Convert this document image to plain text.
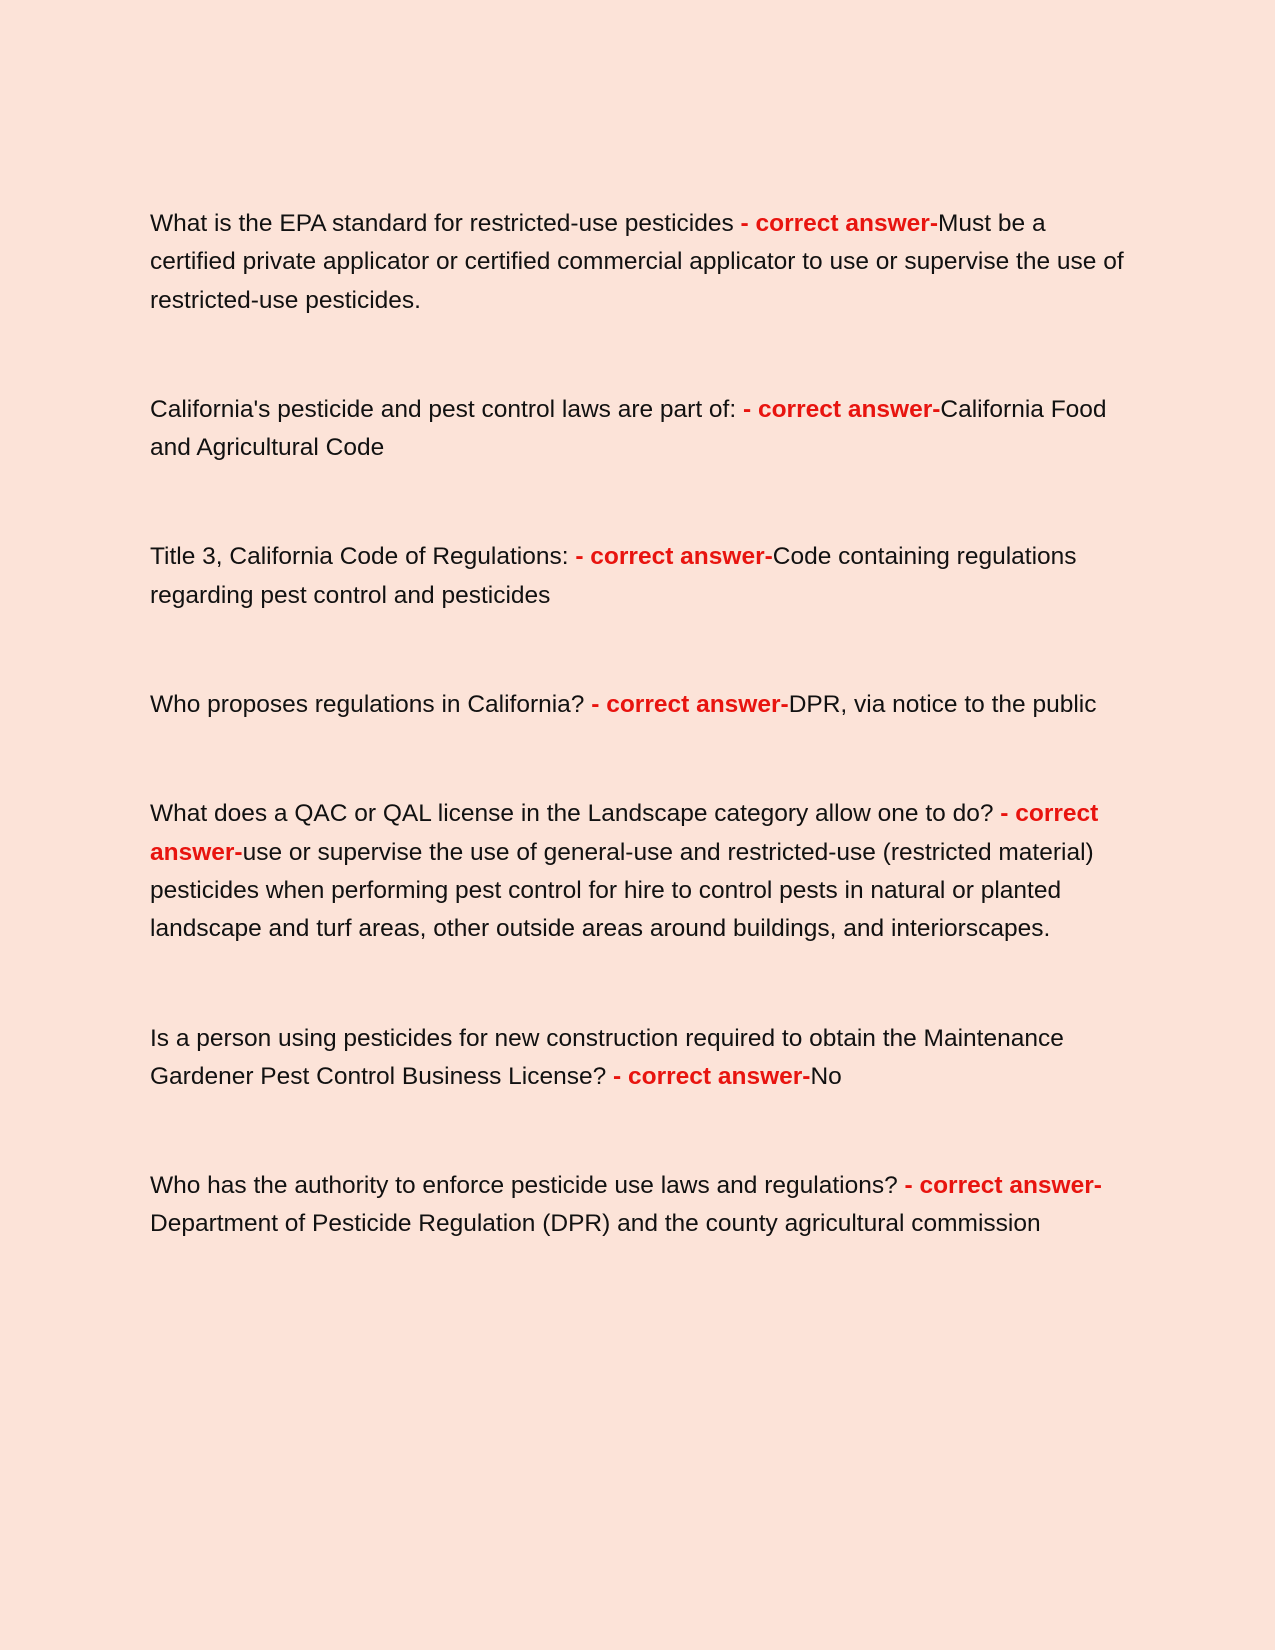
What is the EPA standard for restricted-use pesticides - correct answer-Must be a certified private applicator or certified commercial applicator to use or supervise the use of restricted-use pesticides.

California's pesticide and pest control laws are part of: - correct answer-California Food and Agricultural Code

Title 3, California Code of Regulations: - correct answer-Code containing regulations regarding pest control and pesticides

Who proposes regulations in California? - correct answer-DPR, via notice to the public

What does a QAC or QAL license in the Landscape category allow one to do? - correct answer-use or supervise the use of general-use and restricted-use (restricted material) pesticides when performing pest control for hire to control pests in natural or planted landscape and turf areas, other outside areas around buildings, and interiorscapes.

Is a person using pesticides for new construction required to obtain the Maintenance Gardener Pest Control Business License? - correct answer-No

Who has the authority to enforce pesticide use laws and regulations? - correct answer-Department of Pesticide Regulation (DPR) and the county agricultural commission
